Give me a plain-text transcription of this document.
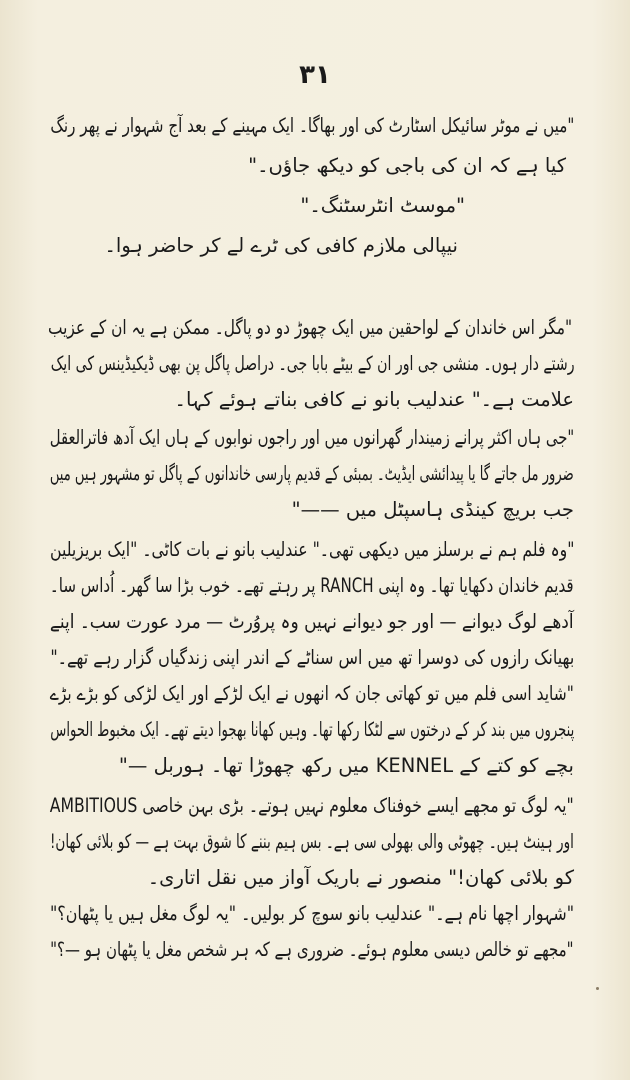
۳۱
"میں نے موٹر سائیکل اسٹارٹ کی اور بھاگا۔ ایک مہینے کے بعد آج شہوار نے پھر رنگ
کیا ہے کہ ان کی باجی کو دیکھ جاؤں۔"
"موسٹ انٹرسٹنگ۔"
نیپالی ملازم کافی کی ٹرے لے کر حاضر ہوا۔
"مگر اس خاندان کے لواحقین میں ایک چھوڑ دو دو پاگل۔ ممکن ہے یہ ان کے عزیب
رشتے دار ہوں۔ منشی جی اور ان کے بیٹے بابا جی۔ دراصل پاگل پن بھی ڈیکیڈینس کی ایک
علامت ہے۔" عندلیب بانو نے کافی بناتے ہوئے کہا۔
"جی ہاں اکثر پرانے زمیندار گھرانوں میں اور راجوں نوابوں کے ہاں ایک آدھ فاترالعقل
ضرور مل جاتے گا یا پیدائشی ایڈیٹ۔ بمبئی کے قدیم پارسی خاندانوں کے پاگل تو مشہور ہیں میں
جب بریچ کینڈی ہاسپٹل میں ——"
"وہ فلم ہم نے برسلز میں دیکھی تھی۔" عندلیب بانو نے بات کاٹی۔ "ایک بریزیلین
قدیم خاندان دکھایا تھا۔ وہ اپنی RANCH پر رہتے تھے۔ خوب بڑا سا گھر۔ اُداس سا۔
آدھے لوگ دیوانے — اور جو دیوانے نہیں وہ پروُرٹ — مرد عورت سب۔ اپنے
بھیانک رازوں کی دوسرا تھ میں اس سناٹے کے اندر اپنی زندگیاں گزار رہے تھے۔"
"شاید اسی فلم میں تو کھاتی جان کہ انھوں نے ایک لڑکے اور ایک لڑکی کو بڑے بڑے
پنجروں میں بند کر کے درختوں سے لٹکا رکھا تھا۔ وہیں کھانا بھجوا دیتے تھے۔ ایک مخبوط الحواس
بچے کو کتے کے KENNEL میں رکھ چھوڑا تھا۔ ہوربل —"
"یہ لوگ تو مجھے ایسے خوفناک معلوم نہیں ہوتے۔ بڑی بہن خاصی AMBITIOUS
اور ہینٹ ہیں۔ چھوٹی والی بھولی سی ہے۔ بس ہیم بننے کا شوق بہت ہے — کو بلائی کھان!
کو بلائی کھان!" منصور نے باریک آواز میں نقل اتاری۔
"شہوار اچھا نام ہے۔" عندلیب بانو سوچ کر بولیں۔ "یہ لوگ مغل ہیں یا پٹھان؟"
"مجھے تو خالص دیسی معلوم ہوئے۔ ضروری ہے کہ ہر شخص مغل یا پٹھان ہو —؟"
